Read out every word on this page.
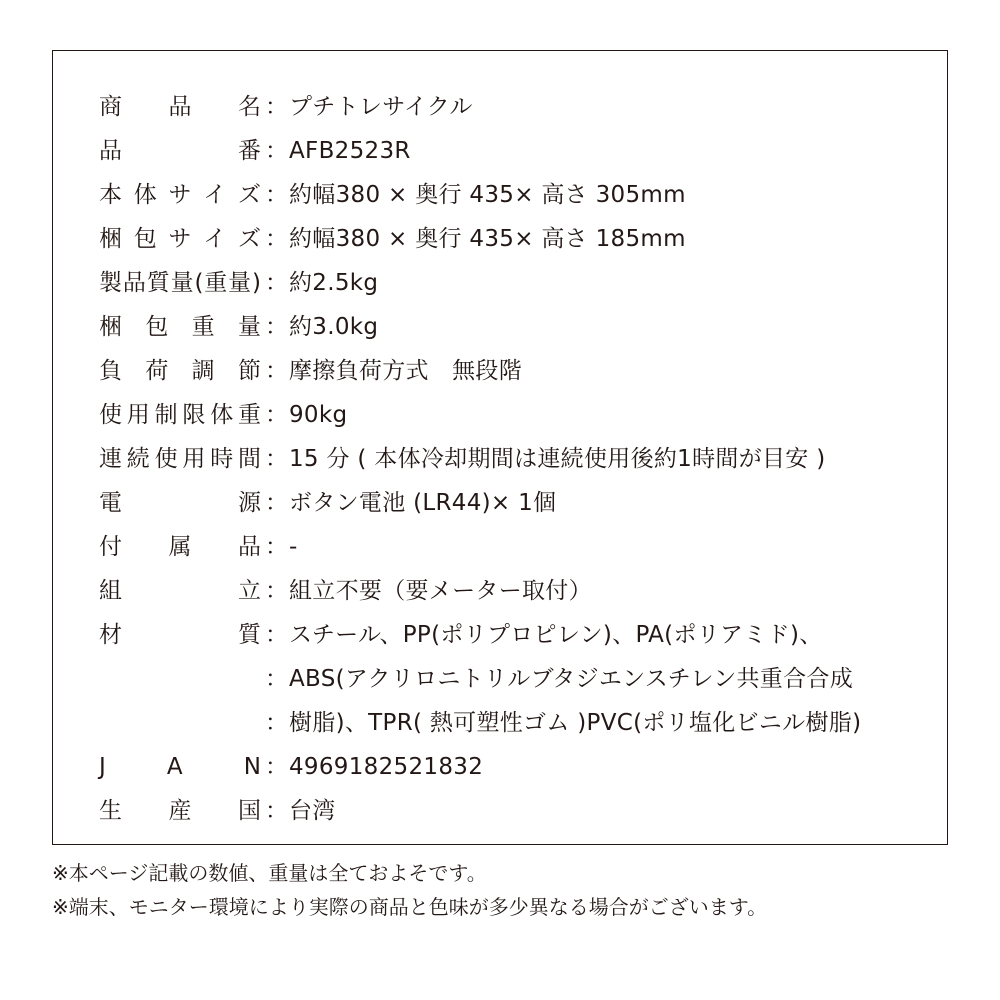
商 品 名 ： プチトレサイクル
品	番 ： AFB2523R
本 体 サ イ ズ ： 約幅380 × 奥行 435× 高さ 305mm
梱 包 サ イ ズ ： 約幅380 × 奥行 435× 高さ 185mm
製 品 質 量 ( 重 量 ) ： 約2.5kg
梱 包 重 量 ： 約3.0kg
負 荷 調 節 ： 摩擦負荷方式　無段階
使 用 制 限 体 重 ： 90kg
連 続 使 用 時 間 ： 15 分 ( 本体冷却期間は連続使用後約1時間が目安 )
電	源 ： ボタン電池 (LR44)× 1個
付 属 品 ： -
組	立 ： 組立不要（要メーター取付）
材	質 ： スチール、PP(ポリプロピレン)、PA(ポリアミド)、
： ABS(アクリロニトリルブタジエンスチレン共重合合成
： 樹脂)、TPR( 熱可塑性ゴム )PVC(ポリ塩化ビニル樹脂)
J	A	N ： 4969182521832
生 産 国 ： 台湾
※本ページ記載の数値、重量は全ておよそです。
※端末、モニター環境により実際の商品と色味が多少異なる場合がございます。
